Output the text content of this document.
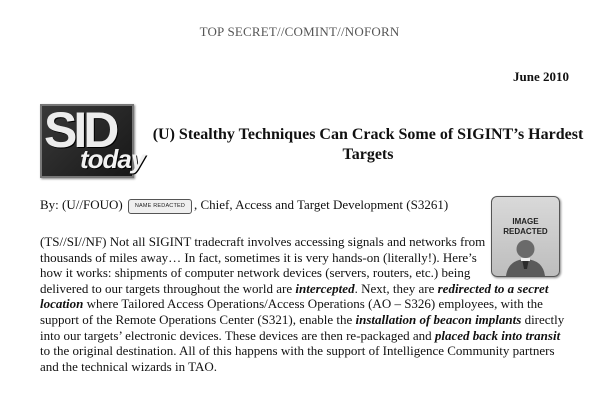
TOP SECRET//COMINT//NOFORN
June 2010
SID
today
(U) Stealthy Techniques Can Crack Some of SIGINT’s Hardest Targets
By: (U//FOUO) NAME REDACTED , Chief, Access and Target Development (S3261)
IMAGE
REDACTED

(TS//SI//NF) Not all SIGINT tradecraft involves accessing signals and networks from thousands of miles away… In fact, sometimes it is very hands-on (literally!). Here’s how it works: shipments of computer network devices (servers, routers, etc.) being delivered to our targets throughout the world are intercepted. Next, they are redirected to a secret location where Tailored Access Operations/Access Operations (AO – S326) employees, with the support of the Remote Operations Center (S321), enable the installation of beacon implants directly into our targets’ electronic devices. These devices are then re-packaged and placed back into transit to the original destination. All of this happens with the support of Intelligence Community partners and the technical wizards in TAO.
